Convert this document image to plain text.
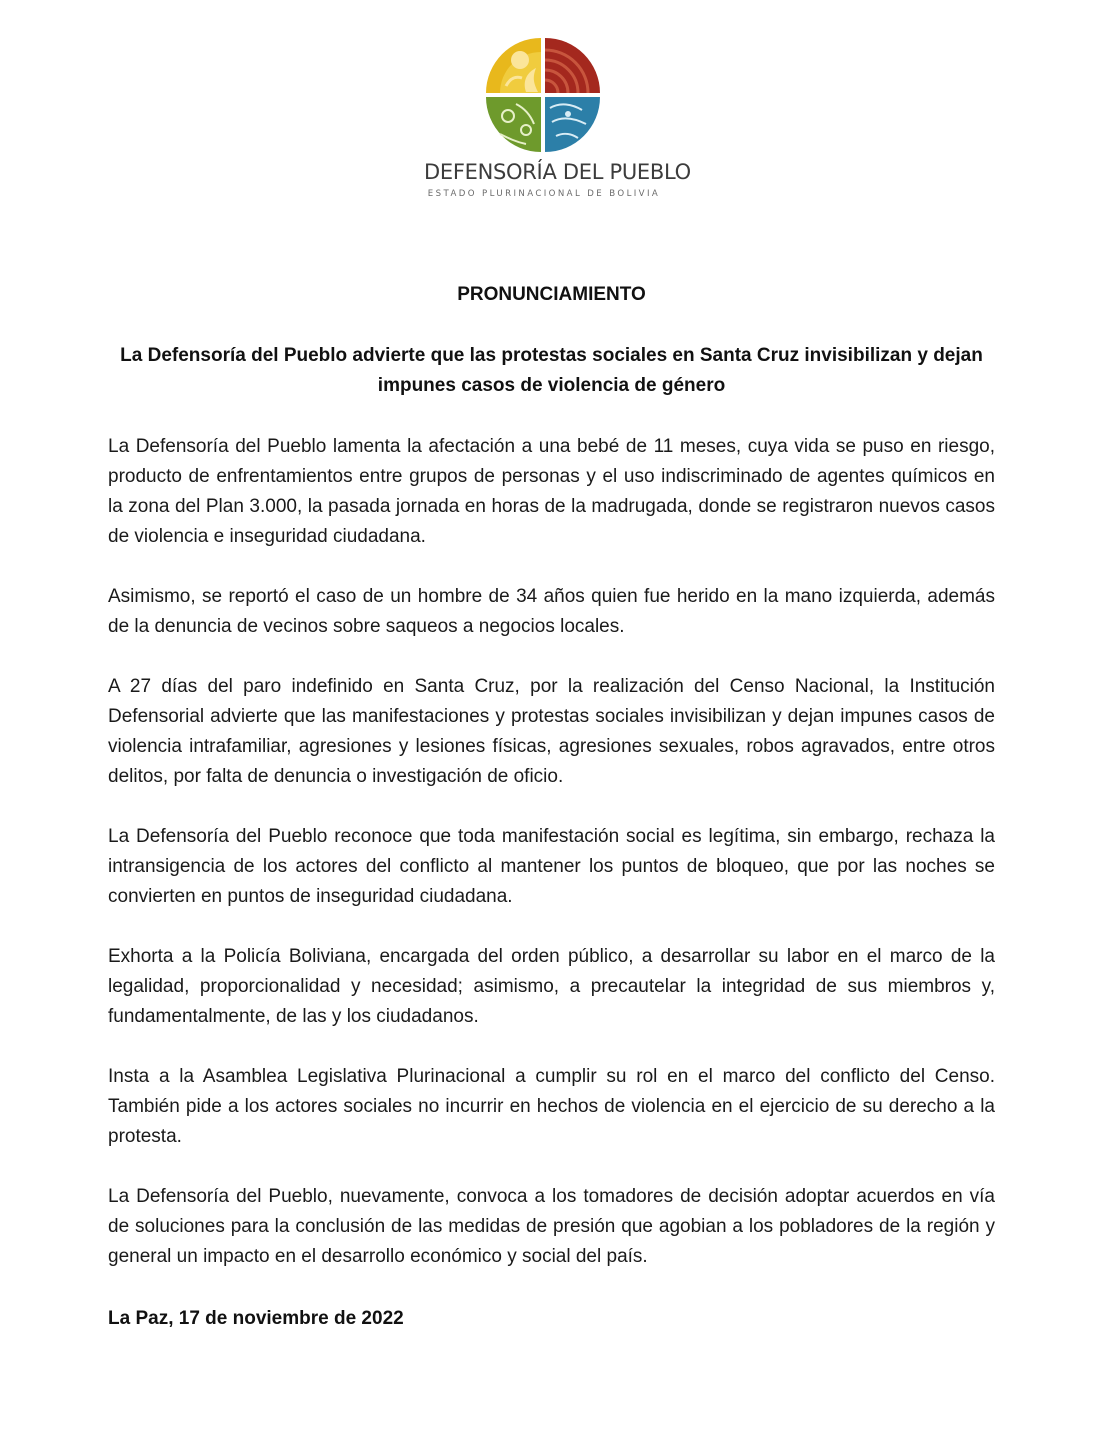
DEFENSORÍA DEL PUEBLO
ESTADO PLURINACIONAL DE BOLIVIA
PRONUNCIAMIENTO
La Defensoría del Pueblo advierte que las protestas sociales en Santa Cruz invisibilizan y dejan impunes casos de violencia de género

La Defensoría del Pueblo lamenta la afectación a una bebé de 11 meses, cuya vida se puso en riesgo, producto de enfrentamientos entre grupos de personas y el uso indiscriminado de agentes químicos en la zona del Plan 3.000, la pasada jornada en horas de la madrugada, donde se registraron nuevos casos de violencia e inseguridad ciudadana.

Asimismo, se reportó el caso de un hombre de 34 años quien fue herido en la mano izquierda, además de la denuncia de vecinos sobre saqueos a negocios locales.

A 27 días del paro indefinido en Santa Cruz, por la realización del Censo Nacional, la Institución Defensorial advierte que las manifestaciones y protestas sociales invisibilizan y dejan impunes casos de violencia intrafamiliar, agresiones y lesiones físicas, agresiones sexuales, robos agravados, entre otros delitos, por falta de denuncia o investigación de oficio.

La Defensoría del Pueblo reconoce que toda manifestación social es legítima, sin embargo, rechaza la intransigencia de los actores del conflicto al mantener los puntos de bloqueo, que por las noches se convierten en puntos de inseguridad ciudadana.

Exhorta a la Policía Boliviana, encargada del orden público, a desarrollar su labor en el marco de la legalidad, proporcionalidad y necesidad; asimismo, a precautelar la integridad de sus miembros y, fundamentalmente, de las y los ciudadanos.

Insta a la Asamblea Legislativa Plurinacional a cumplir su rol en el marco del conflicto del Censo. También pide a los actores sociales no incurrir en hechos de violencia en el ejercicio de su derecho a la protesta.

La Defensoría del Pueblo, nuevamente, convoca a los tomadores de decisión adoptar acuerdos en vía de soluciones para la conclusión de las medidas de presión que agobian a los pobladores de la región y general un impacto en el desarrollo económico y social del país.

La Paz, 17 de noviembre de 2022
